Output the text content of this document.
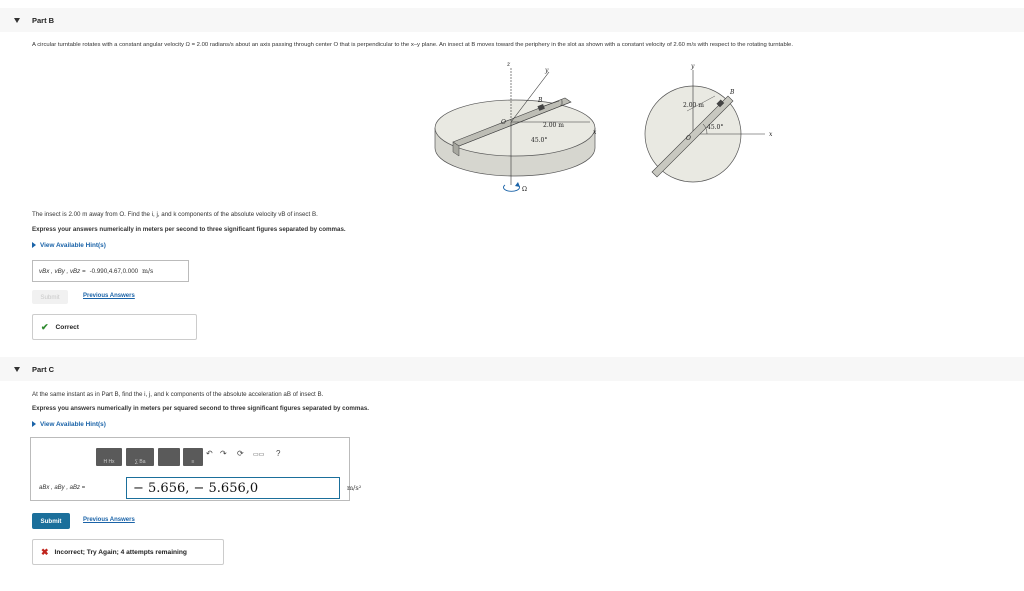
Part B
A circular turntable rotates with a constant angular velocity Ω = 2.00 radians/s about an axis passing through center O that is perpendicular to the x–y plane. An insect at B moves toward the periphery in the slot as shown with a constant velocity of 2.60 m/s with respect to the rotating turntable.
z
y
x
O
B	j
2.00 m
45.0°
Ω
y
x
O
B
2.00 m
45.0°
The insect is 2.00 m away from O. Find the i, j, and k components of the absolute velocity vB of insect B.
Express your answers numerically in meters per second to three significant figures separated by commas.
View Available Hint(s)
vBx , vBy , vBz = -0.990,4.67,0.000 m/s
Submit	Previous Answers
✔ Correct
Part C
At the same instant as in Part B, find the i, j, and k components of the absolute acceleration aB of insect B.
Express you answers numerically in meters per squared second to three significant figures separated by commas.
View Available Hint(s)
H Hx	∑ Ba	≡
↶ ↷ ⟳ ▭▭ ?
aBx , aBy , aBz =	− 5.656, − 5.656,0	m/s²
Submit	Previous Answers
✖ Incorrect; Try Again; 4 attempts remaining
